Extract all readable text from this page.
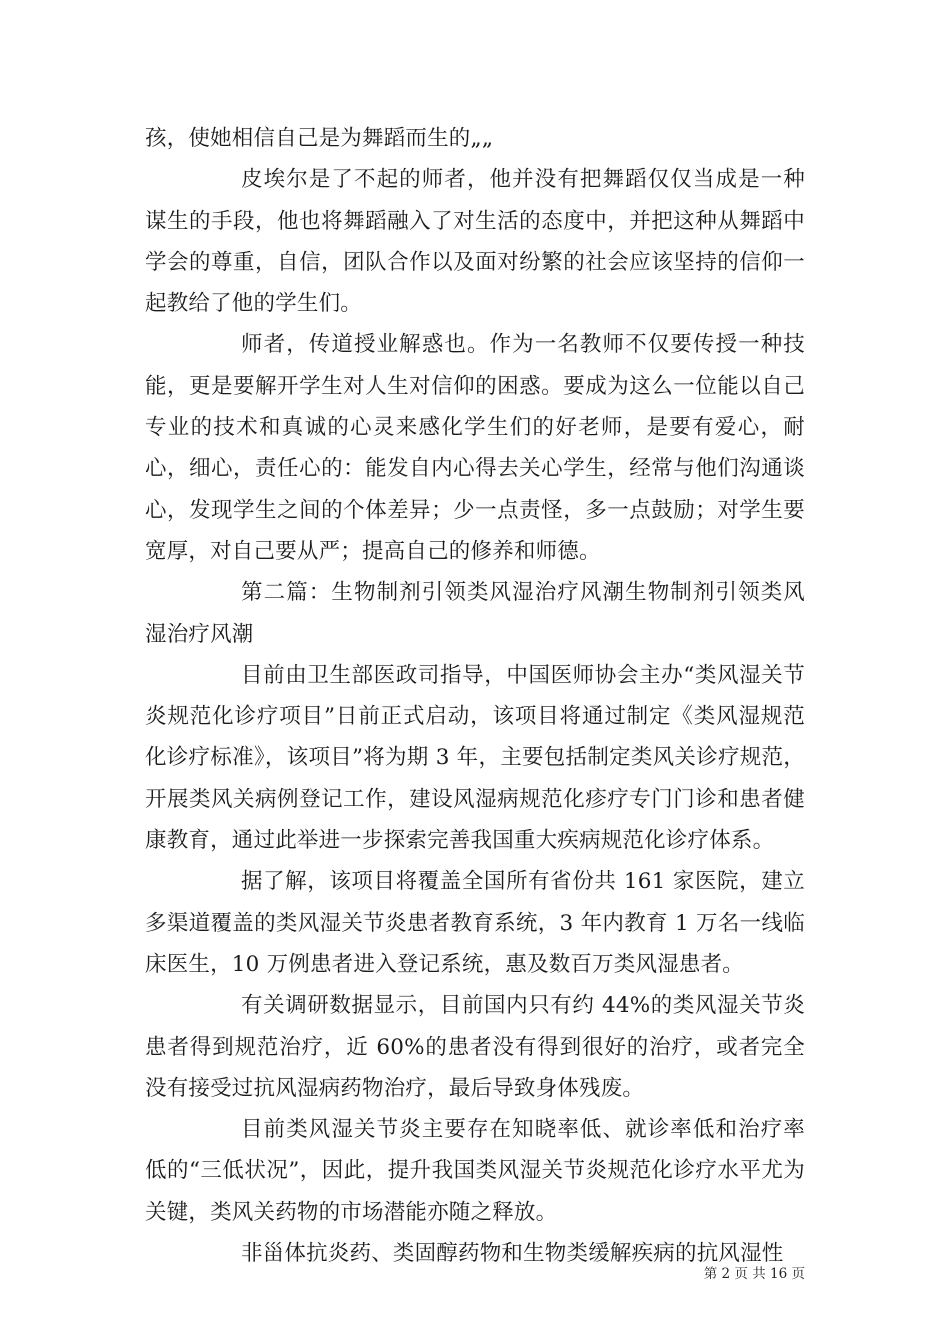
孩，使她相信自己是为舞蹈而生的„„

皮埃尔是了不起的师者，他并没有把舞蹈仅仅当成是一种谋生的手段，他也将舞蹈融入了对生活的态度中，并把这种从舞蹈中学会的尊重，自信，团队合作以及面对纷繁的社会应该坚持的信仰一起教给了他的学生们。

师者，传道授业解惑也。作为一名教师不仅要传授一种技能，更是要解开学生对人生对信仰的困惑。要成为这么一位能以自己专业的技术和真诚的心灵来感化学生们的好老师，是要有爱心，耐心，细心，责任心的：能发自内心得去关心学生，经常与他们沟通谈心，发现学生之间的个体差异；少一点责怪，多一点鼓励；对学生要宽厚，对自己要从严；提高自己的修养和师德。

第二篇：生物制剂引领类风湿治疗风潮生物制剂引领类风湿治疗风潮

目前由卫生部医政司指导，中国医师协会主办“类风湿关节炎规范化诊疗项目”日前正式启动，该项目将通过制定《类风湿规范化诊疗标准》，该项目”将为期 3 年，主要包括制定类风关诊疗规范，开展类风关病例登记工作，建设风湿病规范化疹疗专门门诊和患者健康教育，通过此举进一步探索完善我国重大疾病规范化诊疗体系。

据了解，该项目将覆盖全国所有省份共 161 家医院，建立多渠道覆盖的类风湿关节炎患者教育系统，3 年内教育 1 万名一线临床医生，10 万例患者进入登记系统，惠及数百万类风湿患者。

有关调研数据显示，目前国内只有约 44%的类风湿关节炎患者得到规范治疗，近 60%的患者没有得到很好的治疗，或者完全没有接受过抗风湿病药物治疗，最后导致身体残废。

目前类风湿关节炎主要存在知晓率低、就诊率低和治疗率低的“三低状况”，因此，提升我国类风湿关节炎规范化诊疗水平尤为关键，类风关药物的市场潜能亦随之释放。

非甾体抗炎药、类固醇药物和生物类缓解疾病的抗风湿性

第 2 页 共 16 页
